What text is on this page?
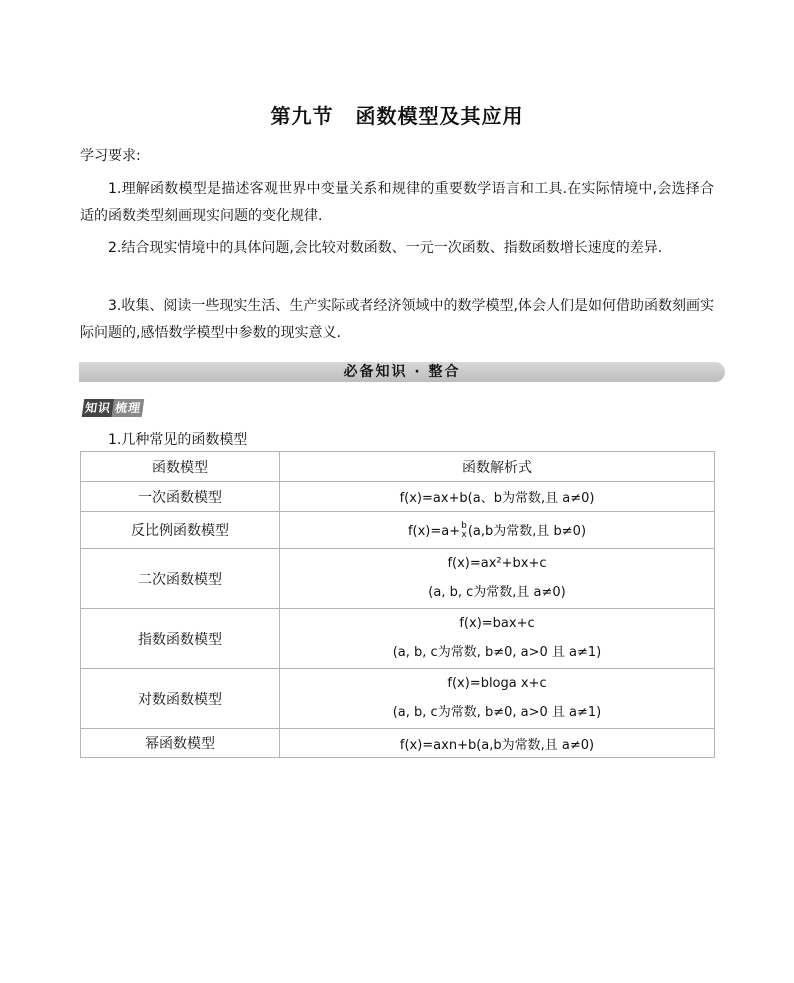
第九节 函数模型及其应用
学习要求:
1.理解函数模型是描述客观世界中变量关系和规律的重要数学语言和工具.在实际情境中,会选择合适的函数类型刻画现实问题的变化规律.
2.结合现实情境中的具体问题,会比较对数函数、一元一次函数、指数函数增长速度的差异.
3.收集、阅读一些现实生活、生产实际或者经济领域中的数学模型,体会人们是如何借助函数刻画实际问题的,感悟数学模型中参数的现实意义.
必备知识 · 整合
知识 梳理
1.几种常见的函数模型
函数模型	函数解析式
一次函数模型	f(x)=ax+b(a、b为常数,且 a≠0)
反比例函数模型	f(x)=a+ b
x (a,b为常数,且 b≠0)
二次函数模型	f(x)=ax²+bx+c
(a, b, c为常数,且 a≠0)

指数函数模型	f(x)=bax+c
(a, b, c为常数, b≠0, a>0 且 a≠1)

对数函数模型	f(x)=bloga x+c
(a, b, c为常数, b≠0, a>0 且 a≠1)

幂函数模型	f(x)=axn+b(a,b为常数,且 a≠0)
